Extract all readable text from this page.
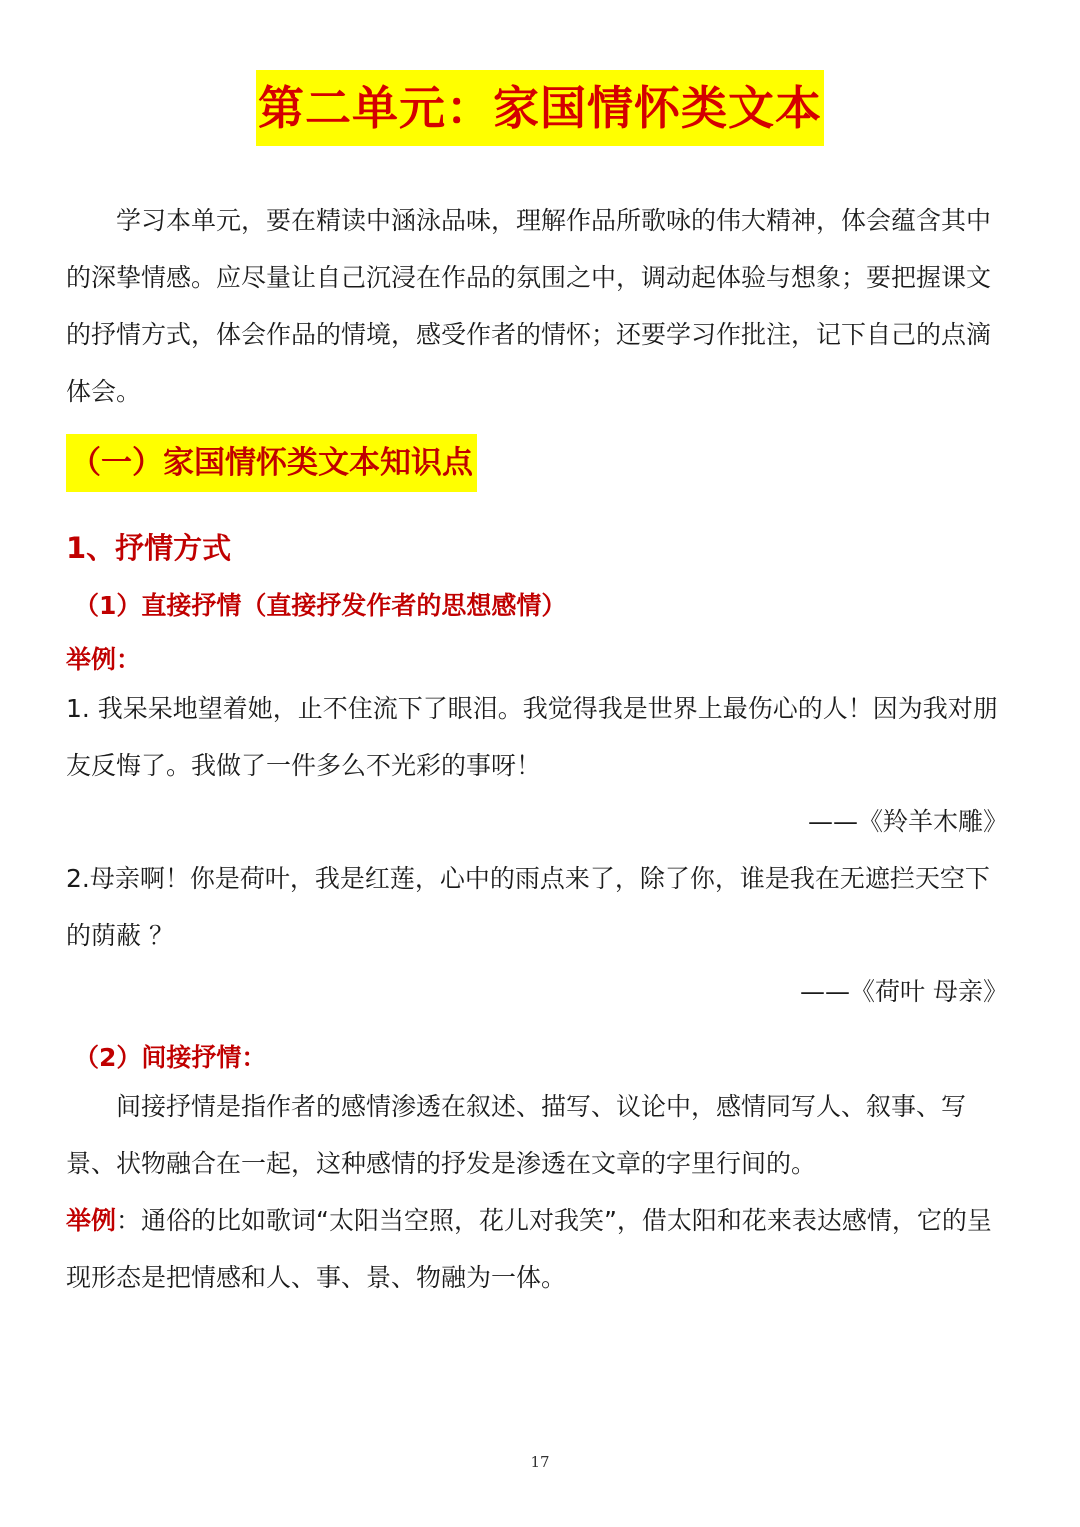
第二单元：家国情怀类文本

学习本单元，要在精读中涵泳品味，理解作品所歌咏的伟大精神，体会蕴含其中的深挚情感。应尽量让自己沉浸在作品的氛围之中，调动起体验与想象；要把握课文的抒情方式，体会作品的情境，感受作者的情怀；还要学习作批注，记下自己的点滴体会。

（一）家国情怀类文本知识点
1、抒情方式
（1）直接抒情（直接抒发作者的思想感情）
举例：

1. 我呆呆地望着她，止不住流下了眼泪。我觉得我是世界上最伤心的人！因为我对朋友反悔了。我做了一件多么不光彩的事呀！

——《羚羊木雕》

2.母亲啊！你是荷叶，我是红莲，心中的雨点来了，除了你，谁是我在无遮拦天空下的荫蔽 ？

——《荷叶 母亲》
（2）间接抒情：

间接抒情是指作者的感情渗透在叙述、描写、议论中，感情同写人、叙事、写景、状物融合在一起，这种感情的抒发是渗透在文章的字里行间的。

举例：通俗的比如歌词“太阳当空照，花儿对我笑”，借太阳和花来表达感情，它的呈现形态是把情感和人、事、景、物融为一体。

17
